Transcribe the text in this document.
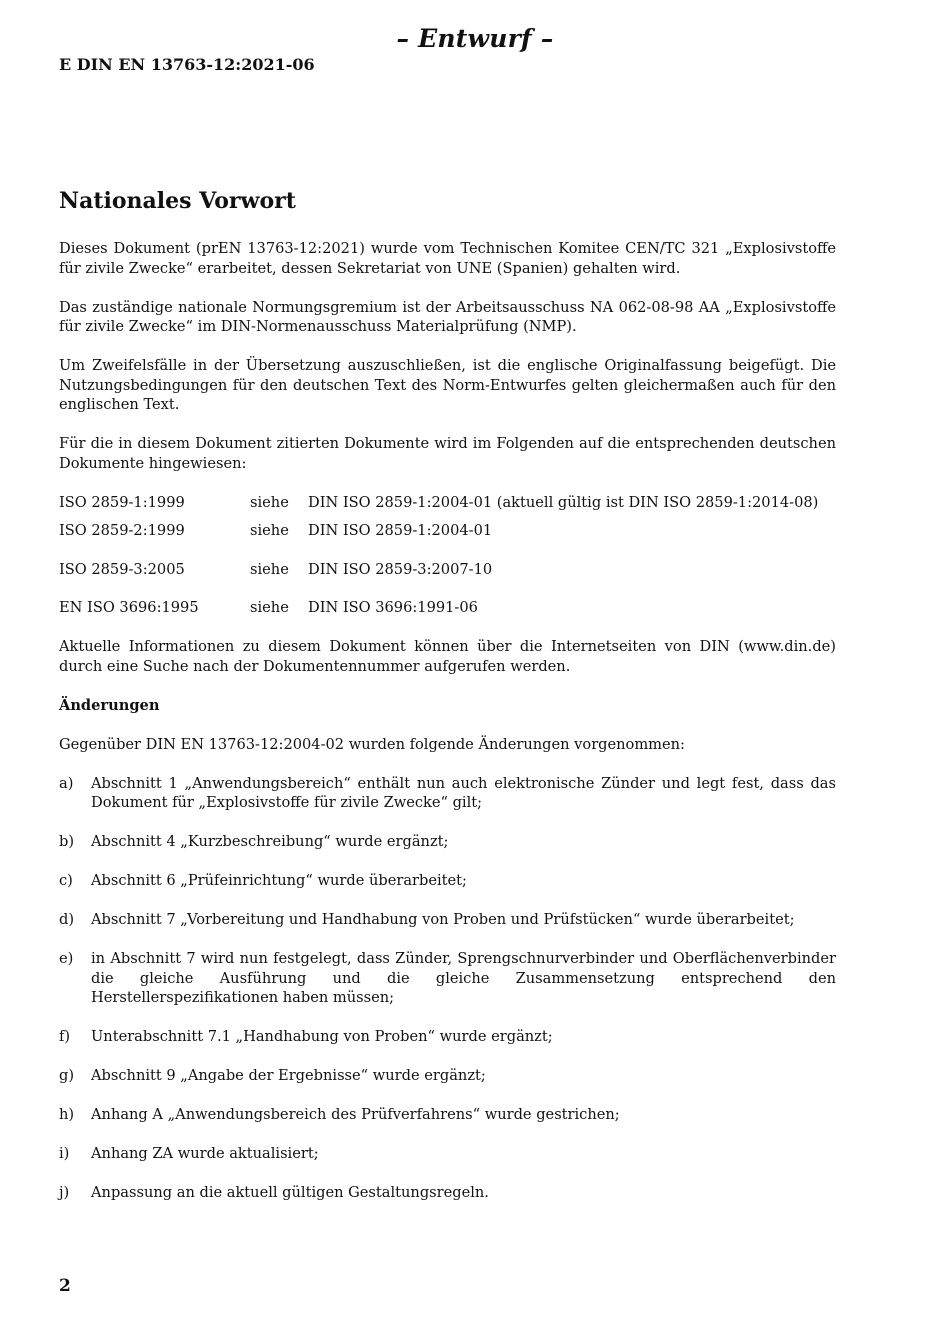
– Entwurf –
E DIN EN 13763-12:2021-06
Nationales Vorwort

Dieses Dokument (prEN 13763-12:2021) wurde vom Technischen Komitee CEN/TC 321 „Explosivstoffe für zivile Zwecke“ erarbeitet, dessen Sekretariat von UNE (Spanien) gehalten wird.

Das zuständige nationale Normungsgremium ist der Arbeitsausschuss NA 062-08-98 AA „Explosivstoffe für zivile Zwecke“ im DIN-Normenausschuss Materialprüfung (NMP).

Um Zweifelsfälle in der Übersetzung auszuschließen, ist die englische Originalfassung beigefügt. Die Nutzungsbedingungen für den deutschen Text des Norm-Entwurfes gelten gleichermaßen auch für den englischen Text.

Für die in diesem Dokument zitierten Dokumente wird im Folgenden auf die entsprechenden deutschen Dokumente hingewiesen:

ISO 2859-1:1999	siehe	DIN ISO 2859-1:2004-01 (aktuell gültig ist DIN ISO 2859-1:2014-08)
ISO 2859-2:1999	siehe	DIN ISO 2859-1:2004-01
ISO 2859-3:2005	siehe	DIN ISO 2859-3:2007-10
EN ISO 3696:1995	siehe	DIN ISO 3696:1991-06

Aktuelle Informationen zu diesem Dokument können über die Internetseiten von DIN (www.din.de) durch eine Suche nach der Dokumentennummer aufgerufen werden.

Änderungen

Gegenüber DIN EN 13763-12:2004-02 wurden folgende Änderungen vorgenommen:

a)	Abschnitt 1 „Anwendungsbereich“ enthält nun auch elektronische Zünder und legt fest, dass das Dokument für „Explosivstoffe für zivile Zwecke“ gilt;
b)	Abschnitt 4 „Kurzbeschreibung“ wurde ergänzt;
c)	Abschnitt 6 „Prüfeinrichtung“ wurde überarbeitet;
d)	Abschnitt 7 „Vorbereitung und Handhabung von Proben und Prüfstücken“ wurde überarbeitet;
e)	in Abschnitt 7 wird nun festgelegt, dass Zünder, Sprengschnurverbinder und Oberflächenverbinder die gleiche Ausführung und die gleiche Zusammensetzung entsprechend den Herstellerspezifikationen haben müssen;
f)	Unterabschnitt 7.1 „Handhabung von Proben“ wurde ergänzt;
g)	Abschnitt 9 „Angabe der Ergebnisse“ wurde ergänzt;
h)	Anhang A „Anwendungsbereich des Prüfverfahrens“ wurde gestrichen;
i)	Anhang ZA wurde aktualisiert;
j)	Anpassung an die aktuell gültigen Gestaltungsregeln.
2
